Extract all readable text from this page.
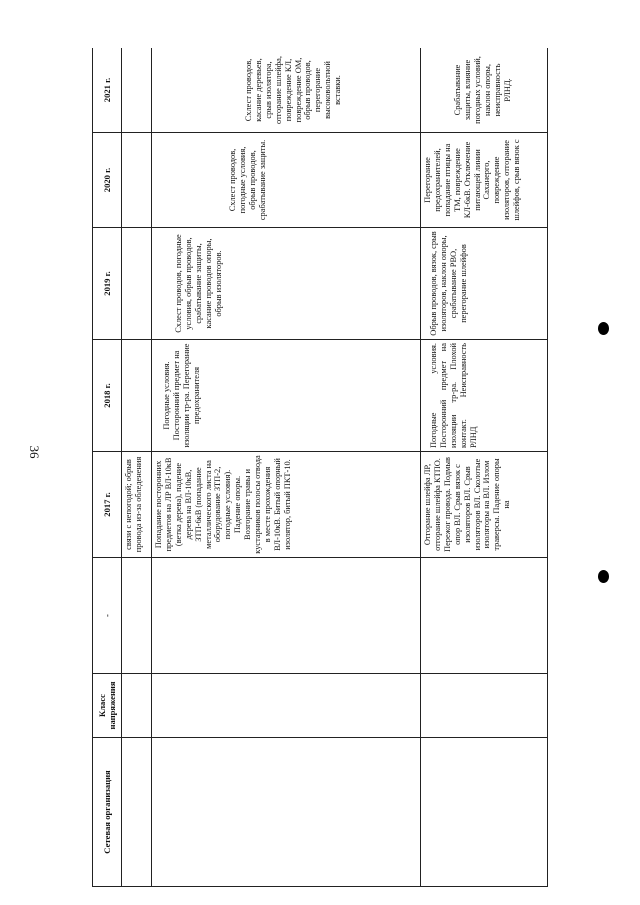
36
Сетевая организация	Класс напряжения	-	2017 г.	2018 г.	2019 г.	2020 г.	2021 г.
			связи с непогодой; обрыв провода из-за обледенения				
			Попадание посторонних предметов на ЛР ВЛ-10кВ (ветка дерева), падение дерева на ВЛ-10кВ, ЗТП-6кВ (попадание металлического листа на оборудование ЗТП-2, погодные условия). Падение опоры. Возгорание травы и кустарников полосы отвода в месте прохождения ВЛ-10кВ. Битый опорный изолятор, битый ПКТ-10.	Погодные условия. Посторонний предмет на изоляции тр-ра. Перегорание предохранителя	Схлест проводов, погодные условия, обрыв проводов, срабатывание защиты, касание проводов опоры, обрыв изоляторов.	Схлест проводов, погодные условия, обрыв проводов, срабатывание защиты.	Схлест проводов, касание деревьев, срыв изолятора, отгорание шлейфа, повреждение КЛ, повреждение ОМ, обрыв проводов, перегорание высоковольтной вставки.
			Отгорание шлейфа ЛР, отгорание шлейфа КТПО. Пережог провода. Подмыв опор ВЛ. Срыв вязок с изоляторов ВЛ. Срыв изоляторов ВЛ. Сколотые изоляторы на ВЛ. Излом траверсы. Падение опоры на	Погодные условия. Посторонний предмет на изоляции тр-ра. Плохой контакт. Неисправность РЛНД	Обрыв проводов, вязок, срыв изоляторов, наклон опоры, срабатывание РВО, перегорание шлейфов	Перегорание предохранителей, попадание птицы на ТМ, повреждение КЛ-6кВ. Отключение питающей линии Саханерго, повреждение изоляторов, отгорание шлейфов, срыв вязок с	Срабатывание защиты, влияние погодных условий, наклон опоры, неисправность РЛНД.
